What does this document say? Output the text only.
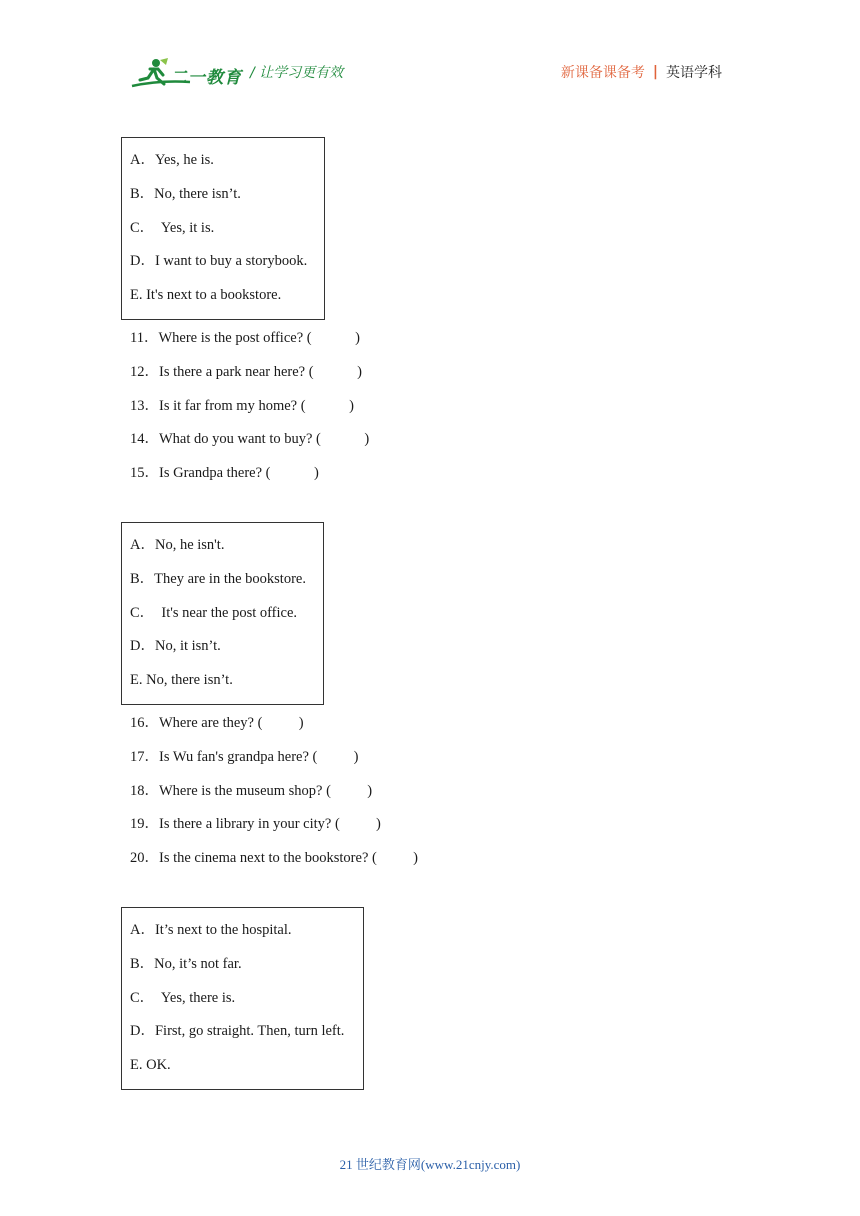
二一教育 / 让学习更有效	新课备课备考 | 英语学科
A．Yes, he is.
B．No, there isn’t.
C．  Yes, it is.
D．I want to buy a storybook.
E. It's next to a bookstore.
11．Where is the post office? (            )
12．Is there a park near here? (            )
13．Is it far from my home? (            )
14．What do you want to buy? (            )
15．Is Grandpa there? (            )
A．No, he isn't.
B．They are in the bookstore.
C．  It's near the post office.
D．No, it isn’t.
E. No, there isn’t.
16．Where are they? (          )
17．Is Wu fan's grandpa here? (          )
18．Where is the museum shop? (          )
19．Is there a library in your city? (          )
20．Is the cinema next to the bookstore? (          )
A．It’s next to the hospital.
B．No, it’s not far.
C．  Yes, there is.
D．First, go straight. Then, turn left.
E. OK.
21 世纪教育网(www.21cnjy.com)
